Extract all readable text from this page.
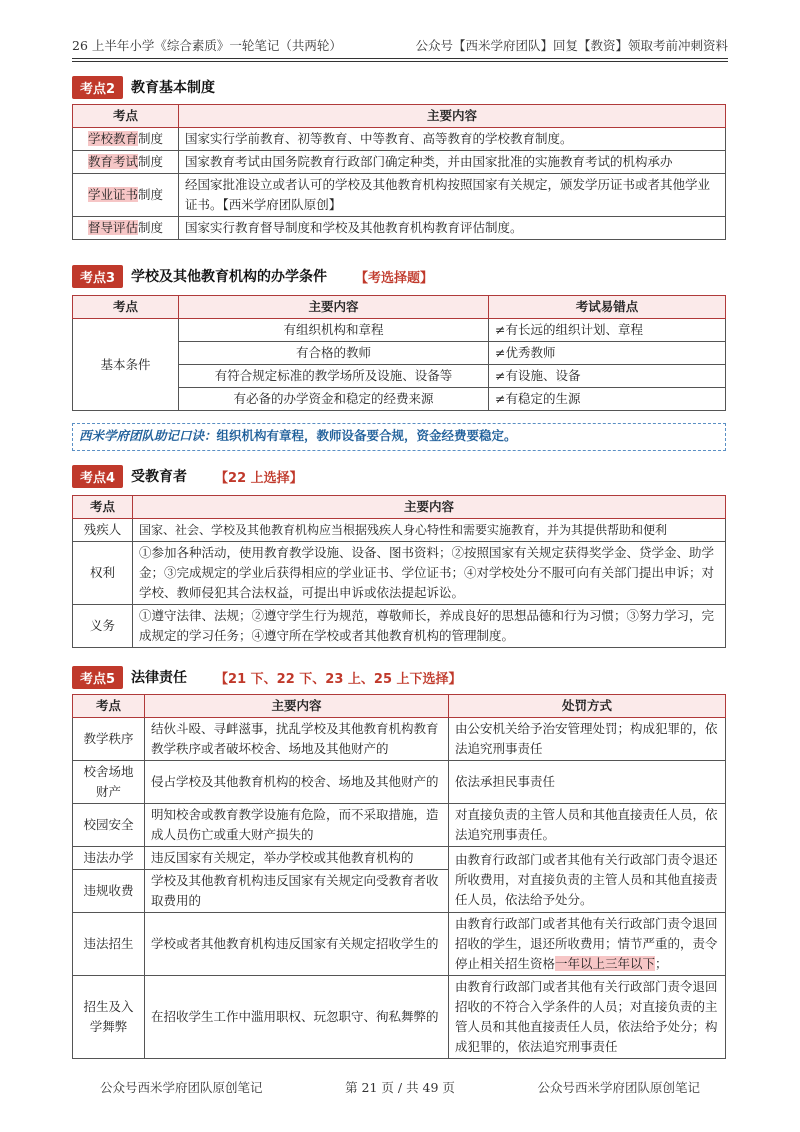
26 上半年小学《综合素质》一轮笔记（共两轮）	公众号【西米学府团队】回复【教资】领取考前冲刺资料
考点2	教育基本制度
考点	主要内容
学校教育制度	国家实行学前教育、初等教育、中等教育、高等教育的学校教育制度。
教育考试制度	国家教育考试由国务院教育行政部门确定种类，并由国家批准的实施教育考试的机构承办
学业证书制度	经国家批准设立或者认可的学校及其他教育机构按照国家有关规定，颁发学历证书或者其他学业证书。【西米学府团队原创】
督导评估制度	国家实行教育督导制度和学校及其他教育机构教育评估制度。
考点3	学校及其他教育机构的办学条件 【考选择题】
考点	主要内容	考试易错点
基本条件	有组织机构和章程	≠有长远的组织计划、章程
	有合格的教师	≠优秀教师
	有符合规定标准的教学场所及设施、设备等	≠有设施、设备
	有必备的办学资金和稳定的经费来源	≠有稳定的生源
西米学府团队助记口诀：组织机构有章程，教师设备要合规，资金经费要稳定。
考点4	受教育者 【22 上选择】
考点	主要内容
残疾人	国家、社会、学校及其他教育机构应当根据残疾人身心特性和需要实施教育，并为其提供帮助和便利
权利	①参加各种活动，使用教育教学设施、设备、图书资料；②按照国家有关规定获得奖学金、贷学金、助学金；③完成规定的学业后获得相应的学业证书、学位证书；④对学校处分不服可向有关部门提出申诉；对学校、教师侵犯其合法权益，可提出申诉或依法提起诉讼。
义务	①遵守法律、法规；②遵守学生行为规范，尊敬师长，养成良好的思想品德和行为习惯；③努力学习，完成规定的学习任务；④遵守所在学校或者其他教育机构的管理制度。
考点5	法律责任 【21 下、22 下、23 上、25 上下选择】
考点	主要内容	处罚方式
教学秩序	结伙斗殴、寻衅滋事，扰乱学校及其他教育机构教育教学秩序或者破坏校舍、场地及其他财产的	由公安机关给予治安管理处罚；构成犯罪的，依法追究刑事责任
校舍场地财产	侵占学校及其他教育机构的校舍、场地及其他财产的	依法承担民事责任
校园安全	明知校舍或教育教学设施有危险，而不采取措施，造成人员伤亡或重大财产损失的	对直接负责的主管人员和其他直接责任人员，依法追究刑事责任。
违法办学	违反国家有关规定，举办学校或其他教育机构的	由教育行政部门或者其他有关行政部门责令退还所收费用，对直接负责的主管人员和其他直接责任人员，依法给予处分。
违规收费	学校及其他教育机构违反国家有关规定向受教育者收取费用的	
违法招生	学校或者其他教育机构违反国家有关规定招收学生的	由教育行政部门或者其他有关行政部门责令退回招收的学生，退还所收费用；情节严重的，责令停止相关招生资格一年以上三年以下；
招生及入学舞弊	在招收学生工作中滥用职权、玩忽职守、徇私舞弊的	由教育行政部门或者其他有关行政部门责令退回招收的不符合入学条件的人员；对直接负责的主管人员和其他直接责任人员，依法给予处分；构成犯罪的，依法追究刑事责任
公众号西米学府团队原创笔记	第 21 页 / 共 49 页	公众号西米学府团队原创笔记
